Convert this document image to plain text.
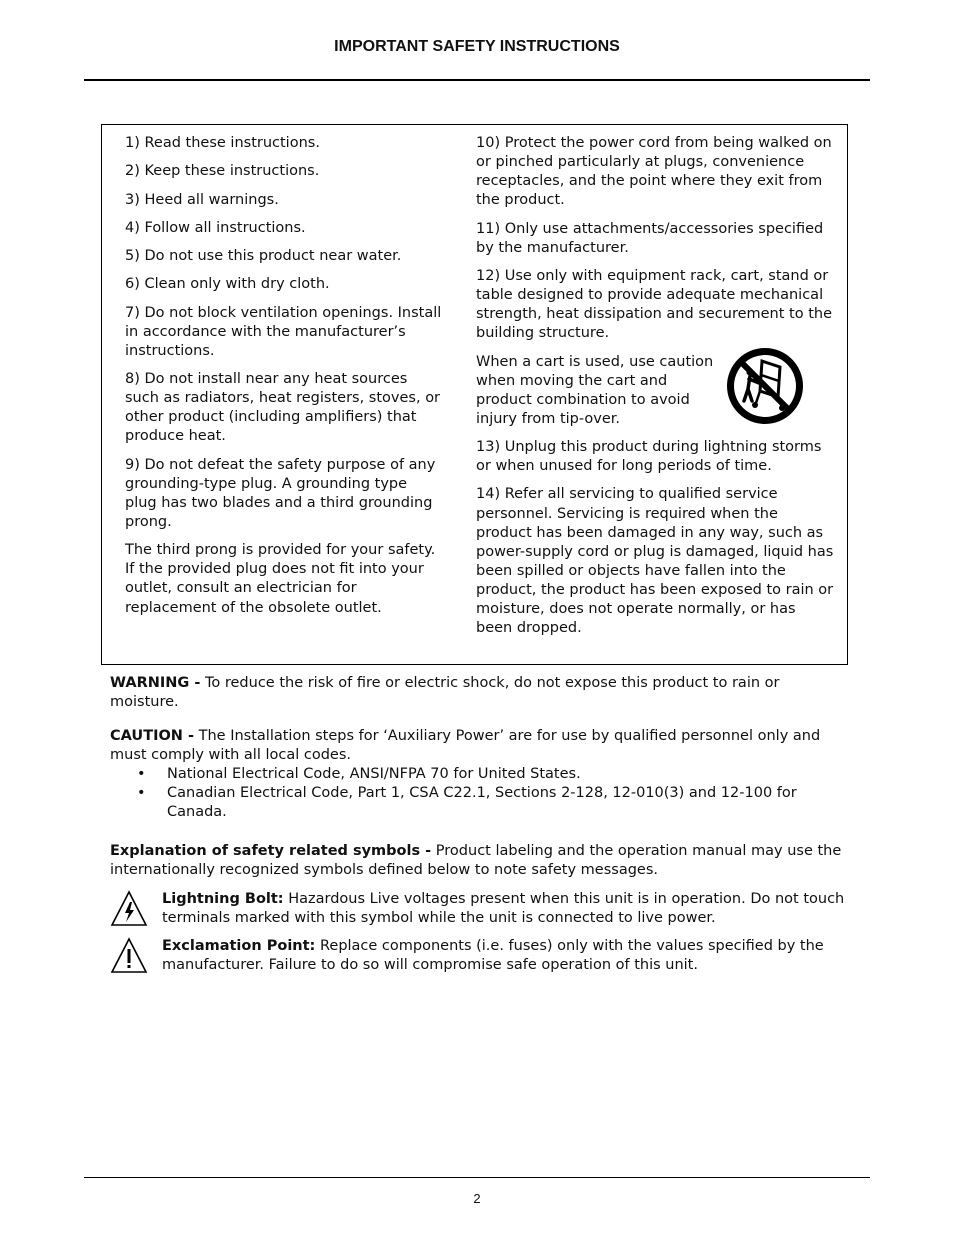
IMPORTANT SAFETY INSTRUCTIONS

1) Read these instructions.

2) Keep these instructions.

3) Heed all warnings.

4) Follow all instructions.

5) Do not use this product near water.

6) Clean only with dry cloth.

7) Do not block ventilation openings. Install in accordance with the manufacturer’s instructions.

8) Do not install near any heat sources such as radiators, heat registers, stoves, or other product (including amplifiers) that produce heat.

9) Do not defeat the safety purpose of any grounding-type plug. A grounding type plug has two blades and a third grounding prong.

The third prong is provided for your safety. If the provided plug does not fit into your outlet, consult an electrician for replacement of the obsolete outlet.

10) Protect the power cord from being walked on or pinched particularly at plugs, convenience receptacles, and the point where they exit from the product.

11) Only use attachments/accessories specified by the manufacturer.

12) Use only with equipment rack, cart, stand or table designed to provide adequate mechanical strength, heat dissipation and securement to the building structure.

When a cart is used, use caution when moving the cart and product combination to avoid injury from tip-over.

13) Unplug this product during lightning storms or when unused for long periods of time.

14) Refer all servicing to qualified service personnel. Servicing is required when the product has been damaged in any way, such as power-supply cord or plug is damaged, liquid has been spilled or objects have fallen into the product, the product has been exposed to rain or moisture, does not operate normally, or has been dropped.

WARNING - To reduce the risk of fire or electric shock, do not expose this product to rain or moisture.

CAUTION - The Installation steps for ‘Auxiliary Power’ are for use by qualified personnel only and must comply with all local codes.

• National Electrical Code, ANSI/NFPA 70 for United States.
• Canadian Electrical Code, Part 1, CSA C22.1, Sections 2-128, 12-010(3) and 12-100 for Canada.

Explanation of safety related symbols - Product labeling and the operation manual may use the internationally recognized symbols defined below to note safety messages.

Lightning Bolt: Hazardous Live voltages present when this unit is in operation. Do not touch terminals marked with this symbol while the unit is connected to live power.
Exclamation Point: Replace components (i.e. fuses) only with the values specified by the manufacturer. Failure to do so will compromise safe operation of this unit.
2
